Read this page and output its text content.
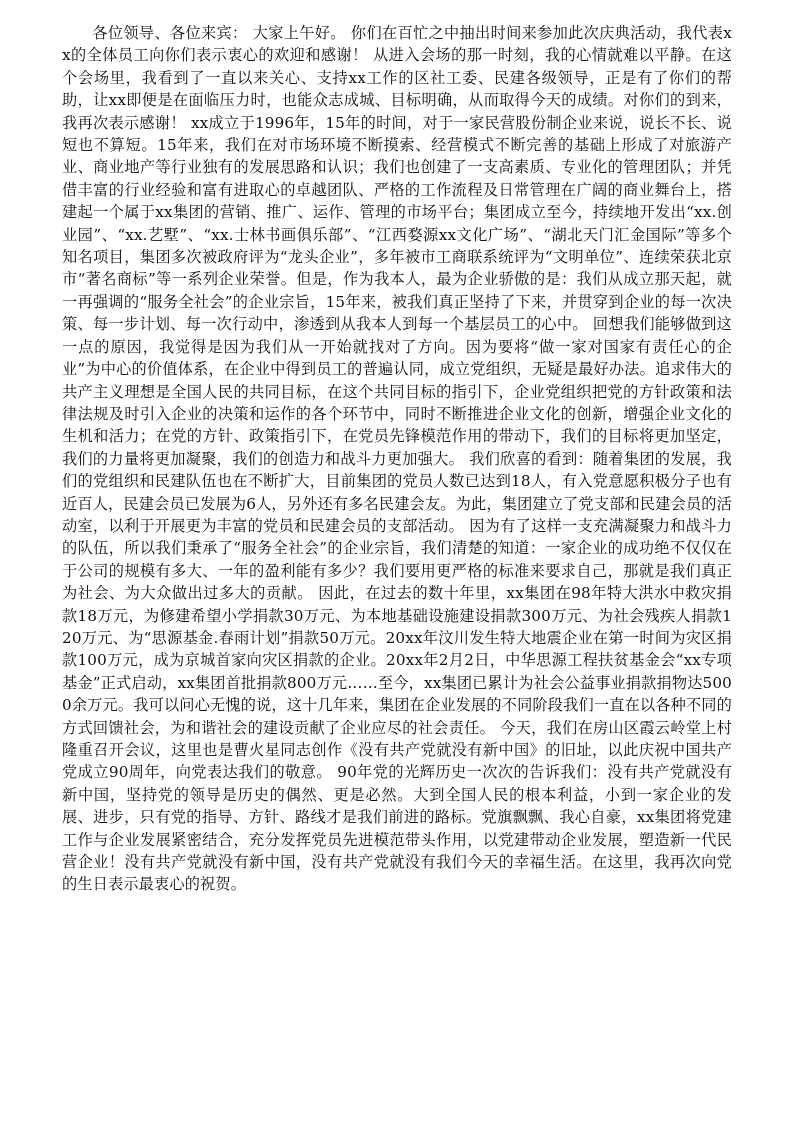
各位领导、各位来宾： 大家上午好。 你们在百忙之中抽出时间来参加此次庆典活动，我代表xx的全体员工向你们表示衷心的欢迎和感谢！ 从进入会场的那一时刻，我的心情就难以平静。在这个会场里，我看到了一直以来关心、支持xx工作的区社工委、民建各级领导，正是有了你们的帮助，让xx即便是在面临压力时，也能众志成城、目标明确，从而取得今天的成绩。对你们的到来，我再次表示感谢！ xx成立于1996年，15年的时间，对于一家民营股份制企业来说，说长不长、说短也不算短。15年来，我们在对市场环境不断摸索、经营模式不断完善的基础上形成了对旅游产业、商业地产等行业独有的发展思路和认识；我们也创建了一支高素质、专业化的管理团队；并凭借丰富的行业经验和富有进取心的卓越团队、严格的工作流程及日常管理在广阔的商业舞台上，搭建起一个属于xx集团的营销、推广、运作、管理的市场平台；集团成立至今，持续地开发出“xx.创业园”、“xx.艺墅”、“xx.士林书画俱乐部”、“江西婺源xx文化广场”、“湖北天门汇金国际”等多个知名项目，集团多次被政府评为“龙头企业”，多年被市工商联系统评为“文明单位”、连续荣获北京市“著名商标”等一系列企业荣誉。但是，作为我本人，最为企业骄傲的是：我们从成立那天起，就一再强调的“服务全社会”的企业宗旨，15年来，被我们真正坚持了下来，并贯穿到企业的每一次决策、每一步计划、每一次行动中，渗透到从我本人到每一个基层员工的心中。 回想我们能够做到这一点的原因，我觉得是因为我们从一开始就找对了方向。因为要将“做一家对国家有责任心的企业”为中心的价值体系，在企业中得到员工的普遍认同，成立党组织，无疑是最好办法。追求伟大的共产主义理想是全国人民的共同目标，在这个共同目标的指引下，企业党组织把党的方针政策和法律法规及时引入企业的决策和运作的各个环节中，同时不断推进企业文化的创新，增强企业文化的生机和活力；在党的方针、政策指引下，在党员先锋模范作用的带动下，我们的目标将更加坚定，我们的力量将更加凝聚，我们的创造力和战斗力更加强大。 我们欣喜的看到：随着集团的发展，我们的党组织和民建队伍也在不断扩大，目前集团的党员人数已达到18人，有入党意愿积极分子也有近百人，民建会员已发展为6人，另外还有多名民建会友。为此，集团建立了党支部和民建会员的活动室，以利于开展更为丰富的党员和民建会员的支部活动。 因为有了这样一支充满凝聚力和战斗力的队伍，所以我们秉承了“服务全社会”的企业宗旨，我们清楚的知道：一家企业的成功绝不仅仅在于公司的规模有多大、一年的盈利能有多少？我们要用更严格的标准来要求自己，那就是我们真正为社会、为大众做出过多大的贡献。 因此，在过去的数十年里，xx集团在98年特大洪水中救灾捐款18万元，为修建希望小学捐款30万元、为本地基础设施建设捐款300万元、为社会残疾人捐款120万元、为“思源基金.春雨计划”捐款50万元。20xx年汶川发生特大地震企业在第一时间为灾区捐款100万元，成为京城首家向灾区捐款的企业。20xx年2月2日，中华思源工程扶贫基金会“xx专项基金”正式启动，xx集团首批捐款800万元……至今，xx集团已累计为社会公益事业捐款捐物达5000余万元。我可以问心无愧的说，这十几年来，集团在企业发展的不同阶段我们一直在以各种不同的方式回馈社会，为和谐社会的建设贡献了企业应尽的社会责任。 今天，我们在房山区霞云岭堂上村隆重召开会议，这里也是曹火星同志创作《没有共产党就没有新中国》的旧址，以此庆祝中国共产党成立90周年，向党表达我们的敬意。 90年党的光辉历史一次次的告诉我们：没有共产党就没有新中国，坚持党的领导是历史的偶然、更是必然。大到全国人民的根本利益，小到一家企业的发展、进步，只有党的指导、方针、路线才是我们前进的路标。党旗飘飘、我心自豪，xx集团将党建工作与企业发展紧密结合，充分发挥党员先进模范带头作用，以党建带动企业发展，塑造新一代民营企业！没有共产党就没有新中国，没有共产党就没有我们今天的幸福生活。在这里，我再次向党的生日表示最衷心的祝贺。
